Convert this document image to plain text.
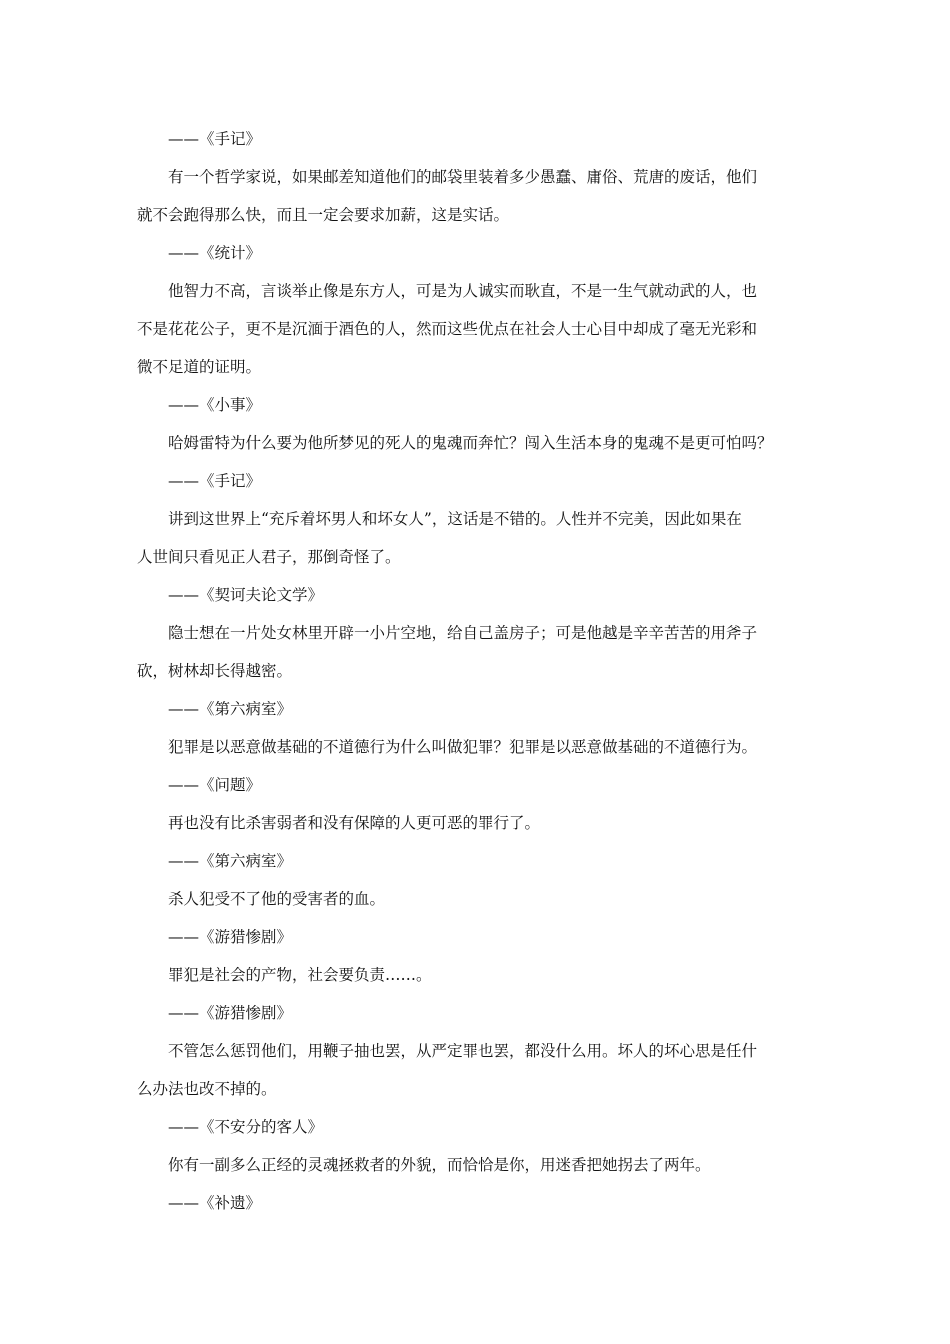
——《手记》
有一个哲学家说，如果邮差知道他们的邮袋里装着多少愚蠢、庸俗、荒唐的废话，他们
就不会跑得那么快，而且一定会要求加薪，这是实话。
——《统计》
他智力不高，言谈举止像是东方人，可是为人诚实而耿直，不是一生气就动武的人，也
不是花花公子，更不是沉湎于酒色的人，然而这些优点在社会人士心目中却成了毫无光彩和
微不足道的证明。
——《小事》
哈姆雷特为什么要为他所梦见的死人的鬼魂而奔忙？闯入生活本身的鬼魂不是更可怕吗？
——《手记》
讲到这世界上“充斥着坏男人和坏女人”，这话是不错的。人性并不完美，因此如果在
人世间只看见正人君子，那倒奇怪了。
——《契诃夫论文学》
隐士想在一片处女林里开辟一小片空地，给自己盖房子；可是他越是辛辛苦苦的用斧子
砍，树林却长得越密。
——《第六病室》
犯罪是以恶意做基础的不道德行为什么叫做犯罪？犯罪是以恶意做基础的不道德行为。
——《问题》
再也没有比杀害弱者和没有保障的人更可恶的罪行了。
——《第六病室》
杀人犯受不了他的受害者的血。
——《游猎惨剧》
罪犯是社会的产物，社会要负责……。
——《游猎惨剧》
不管怎么惩罚他们，用鞭子抽也罢，从严定罪也罢，都没什么用。坏人的坏心思是任什
么办法也改不掉的。
——《不安分的客人》
你有一副多么正经的灵魂拯救者的外貌，而恰恰是你，用迷香把她拐去了两年。
——《补遗》
